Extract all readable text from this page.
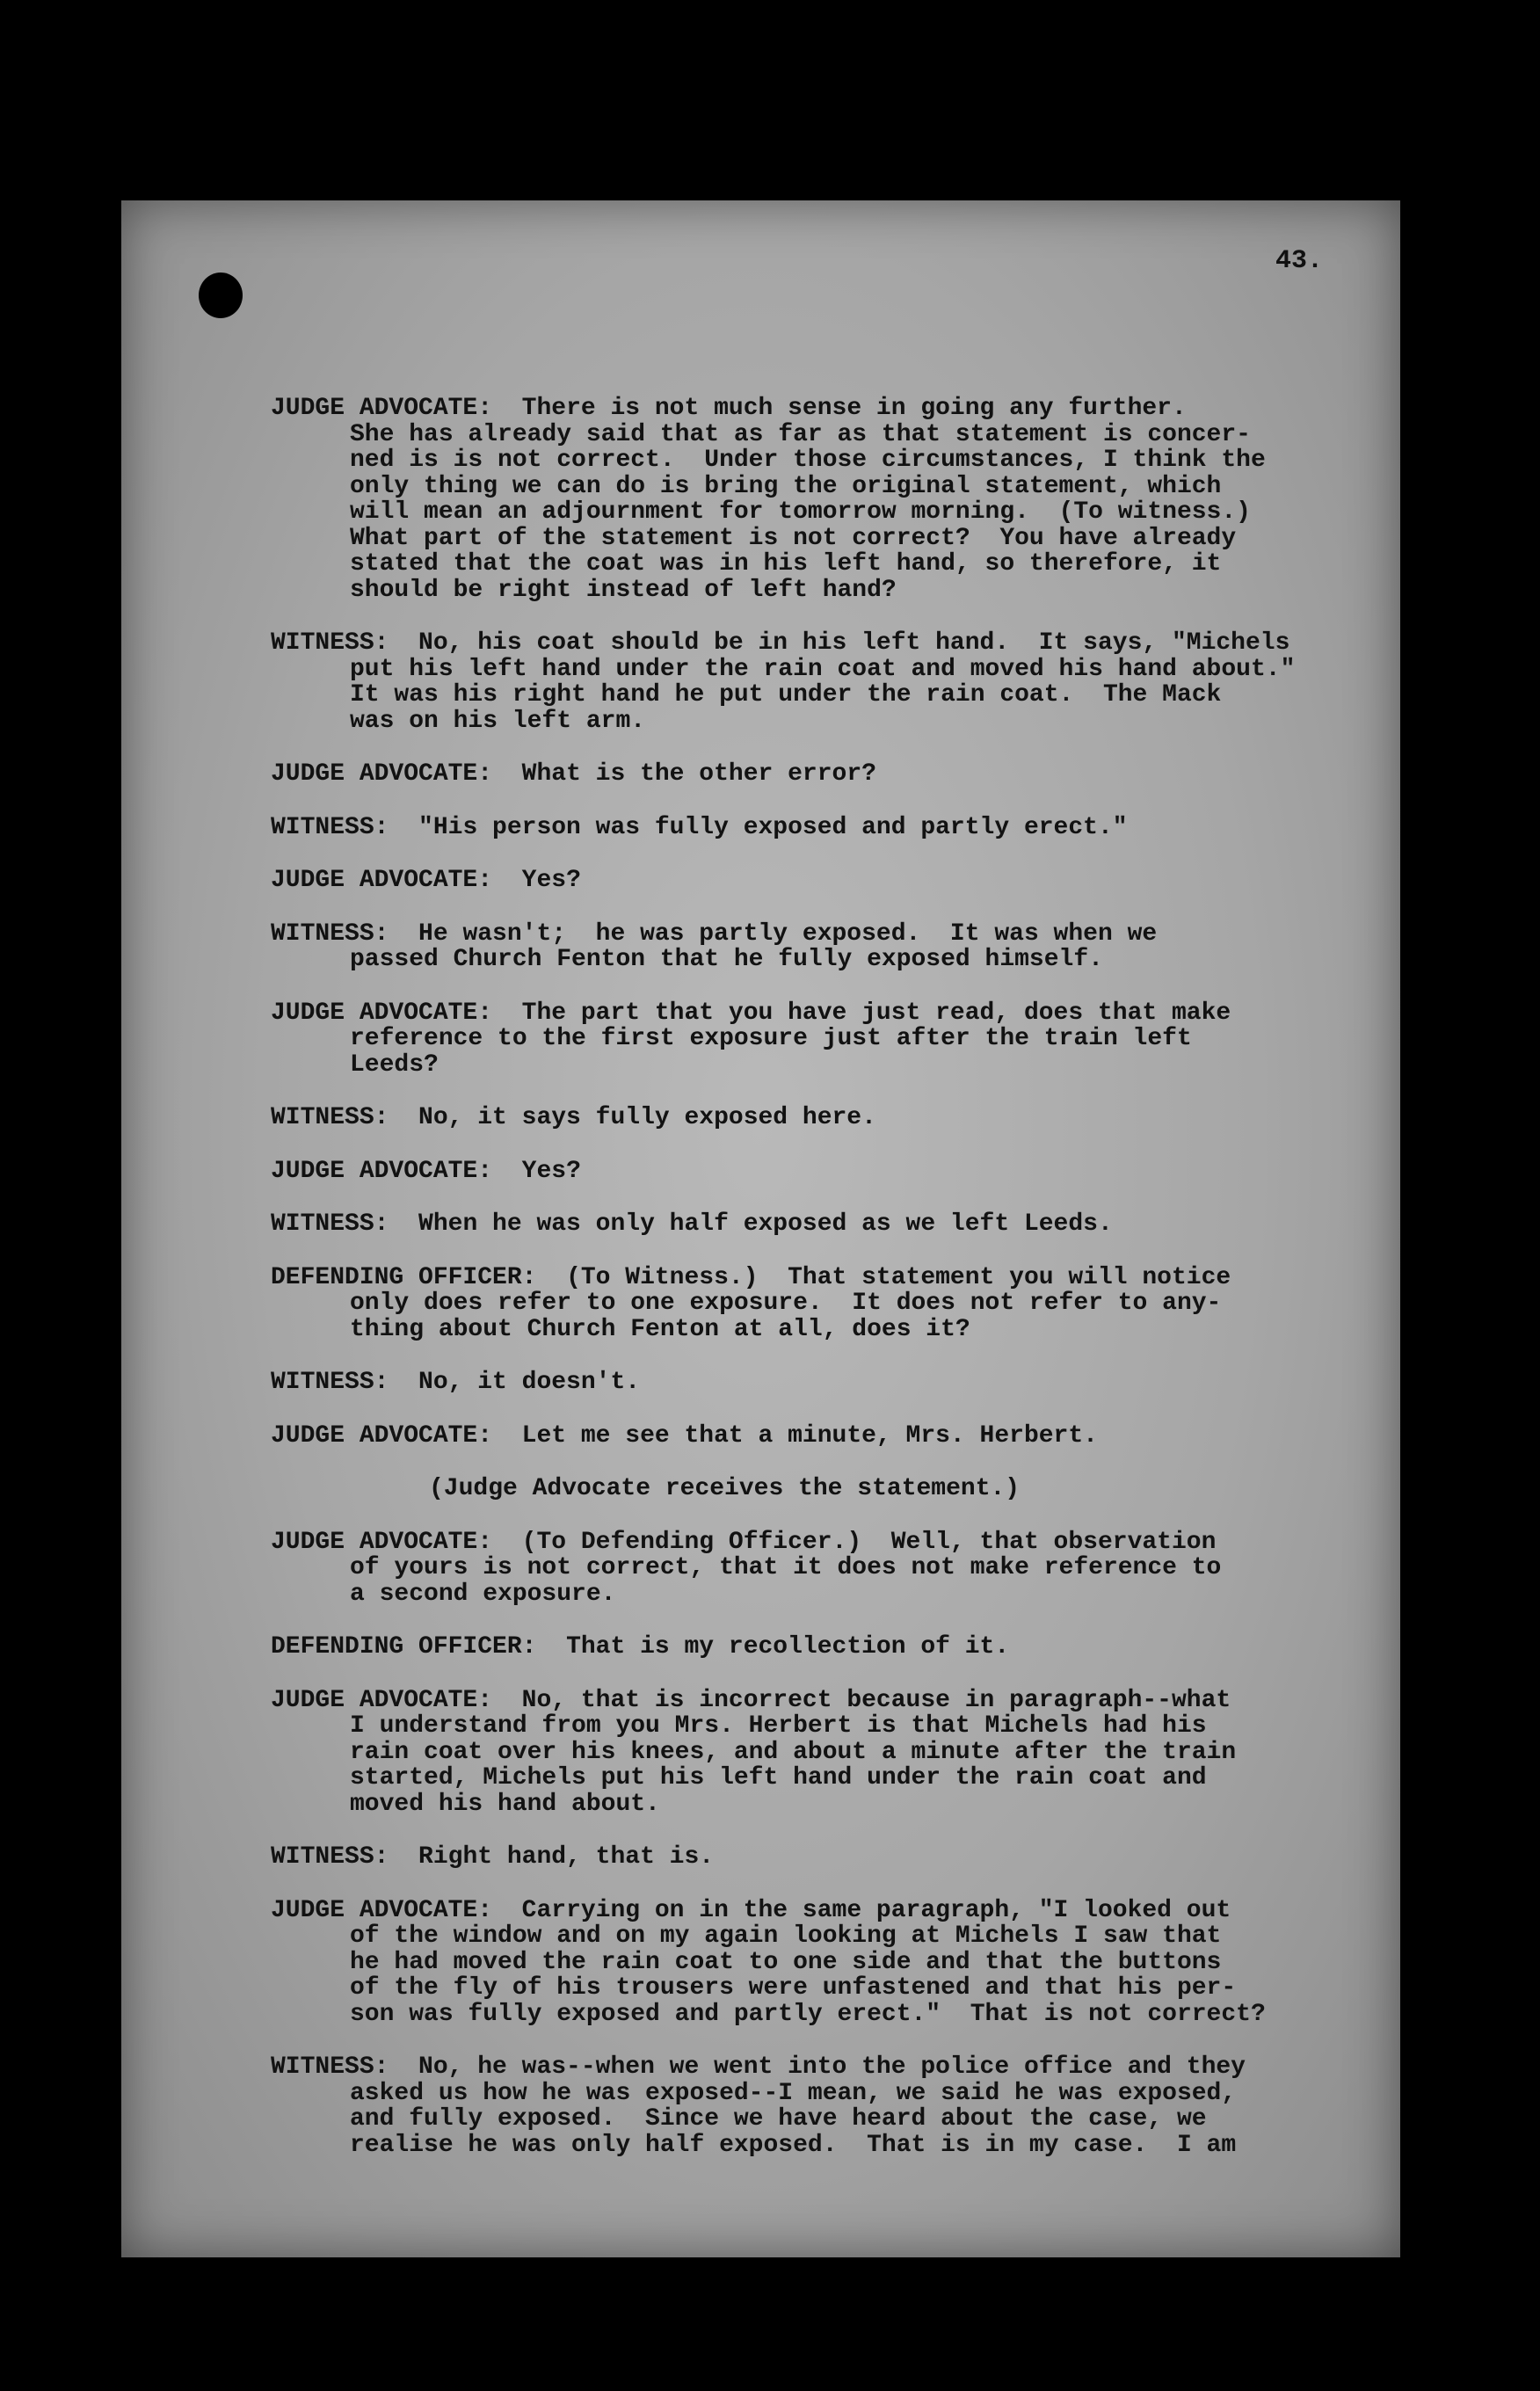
43.
JUDGE ADVOCATE: There is not much sense in going any further.
She has already said that as far as that statement is concer-
ned is is not correct.  Under those circumstances, I think the
only thing we can do is bring the original statement, which
will mean an adjournment for tomorrow morning.  (To witness.)
What part of the statement is not correct?  You have already
stated that the coat was in his left hand, so therefore, it
should be right instead of left hand?
WITNESS: No, his coat should be in his left hand.  It says, "Michels
put his left hand under the rain coat and moved his hand about."
It was his right hand he put under the rain coat.  The Mack
was on his left arm.
JUDGE ADVOCATE: What is the other error?
WITNESS: "His person was fully exposed and partly erect."
JUDGE ADVOCATE: Yes?
WITNESS: He wasn't;  he was partly exposed.  It was when we
passed Church Fenton that he fully exposed himself.
JUDGE ADVOCATE: The part that you have just read, does that make
reference to the first exposure just after the train left
Leeds?
WITNESS: No, it says fully exposed here.
JUDGE ADVOCATE: Yes?
WITNESS: When he was only half exposed as we left Leeds.
DEFENDING OFFICER: (To Witness.)  That statement you will notice
only does refer to one exposure.  It does not refer to any-
thing about Church Fenton at all, does it?
WITNESS: No, it doesn't.
JUDGE ADVOCATE: Let me see that a minute, Mrs. Herbert.
(Judge Advocate receives the statement.)
JUDGE ADVOCATE: (To Defending Officer.)  Well, that observation
of yours is not correct, that it does not make reference to
a second exposure.
DEFENDING OFFICER: That is my recollection of it.
JUDGE ADVOCATE: No, that is incorrect because in paragraph--what
I understand from you Mrs. Herbert is that Michels had his
rain coat over his knees, and about a minute after the train
started, Michels put his left hand under the rain coat and
moved his hand about.
WITNESS: Right hand, that is.
JUDGE ADVOCATE: Carrying on in the same paragraph, "I looked out
of the window and on my again looking at Michels I saw that
he had moved the rain coat to one side and that the buttons
of the fly of his trousers were unfastened and that his per-
son was fully exposed and partly erect."  That is not correct?
WITNESS: No, he was--when we went into the police office and they
asked us how he was exposed--I mean, we said he was exposed,
and fully exposed.  Since we have heard about the case, we
realise he was only half exposed.  That is in my case.  I am
